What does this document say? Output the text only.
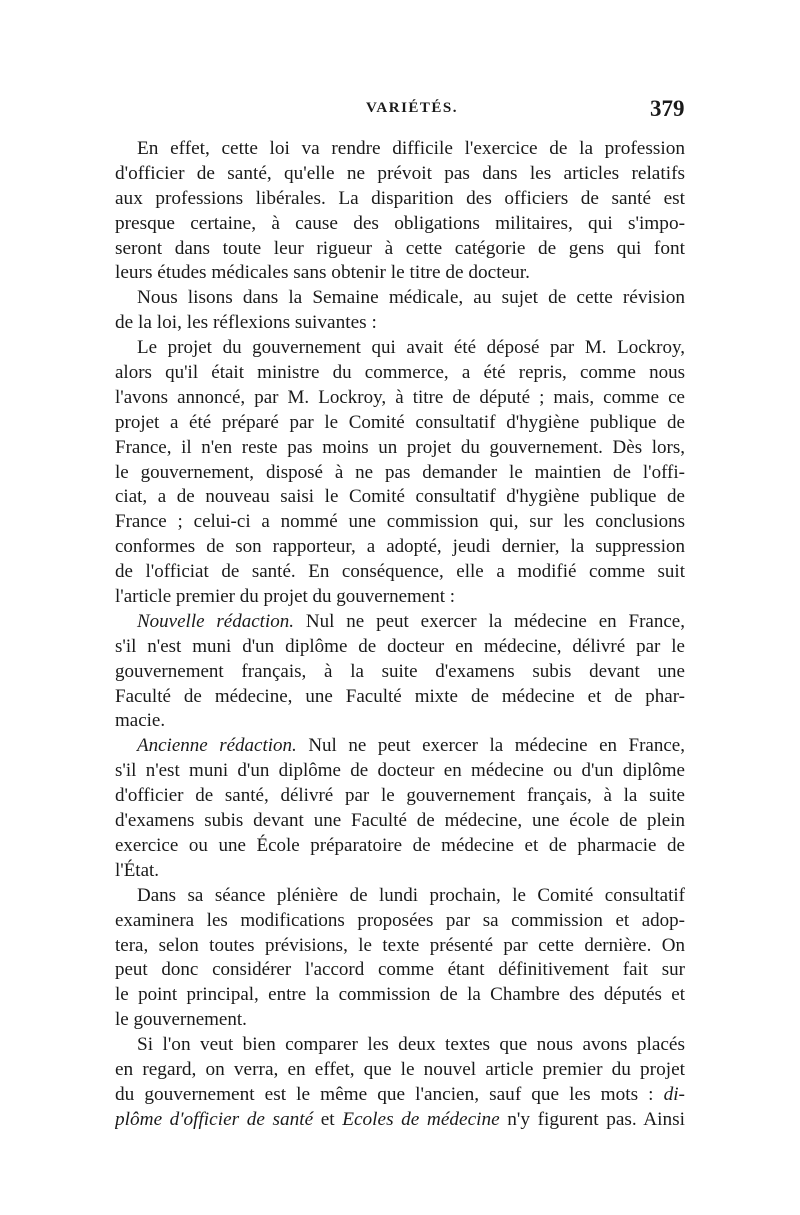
VARIÉTÉS.	379

En effet, cette loi va rendre difficile l'exercice de la profession
d'officier de santé, qu'elle ne prévoit pas dans les articles relatifs
aux professions libérales. La disparition des officiers de santé est
presque certaine, à cause des obligations militaires, qui s'impo-
seront dans toute leur rigueur à cette catégorie de gens qui font
leurs études médicales sans obtenir le titre de docteur.

Nous lisons dans la Semaine médicale, au sujet de cette révision
de la loi, les réflexions suivantes :

Le projet du gouvernement qui avait été déposé par M. Lockroy,
alors qu'il était ministre du commerce, a été repris, comme nous
l'avons annoncé, par M. Lockroy, à titre de député ; mais, comme ce
projet a été préparé par le Comité consultatif d'hygiène publique de
France, il n'en reste pas moins un projet du gouvernement. Dès lors,
le gouvernement, disposé à ne pas demander le maintien de l'offi-
ciat, a de nouveau saisi le Comité consultatif d'hygiène publique de
France ; celui-ci a nommé une commission qui, sur les conclusions
conformes de son rapporteur, a adopté, jeudi dernier, la suppression
de l'officiat de santé. En conséquence, elle a modifié comme suit
l'article premier du projet du gouvernement :

Nouvelle rédaction. Nul ne peut exercer la médecine en France,
s'il n'est muni d'un diplôme de docteur en médecine, délivré par le
gouvernement français, à la suite d'examens subis devant une
Faculté de médecine, une Faculté mixte de médecine et de phar-
macie.

Ancienne rédaction. Nul ne peut exercer la médecine en France,
s'il n'est muni d'un diplôme de docteur en médecine ou d'un diplôme
d'officier de santé, délivré par le gouvernement français, à la suite
d'examens subis devant une Faculté de médecine, une école de plein
exercice ou une École préparatoire de médecine et de pharmacie de
l'État.

Dans sa séance plénière de lundi prochain, le Comité consultatif
examinera les modifications proposées par sa commission et adop-
tera, selon toutes prévisions, le texte présenté par cette dernière. On
peut donc considérer l'accord comme étant définitivement fait sur
le point principal, entre la commission de la Chambre des députés et
le gouvernement.

Si l'on veut bien comparer les deux textes que nous avons placés
en regard, on verra, en effet, que le nouvel article premier du projet
du gouvernement est le même que l'ancien, sauf que les mots : di-
plôme d'officier de santé et Ecoles de médecine n'y figurent pas. Ainsi
